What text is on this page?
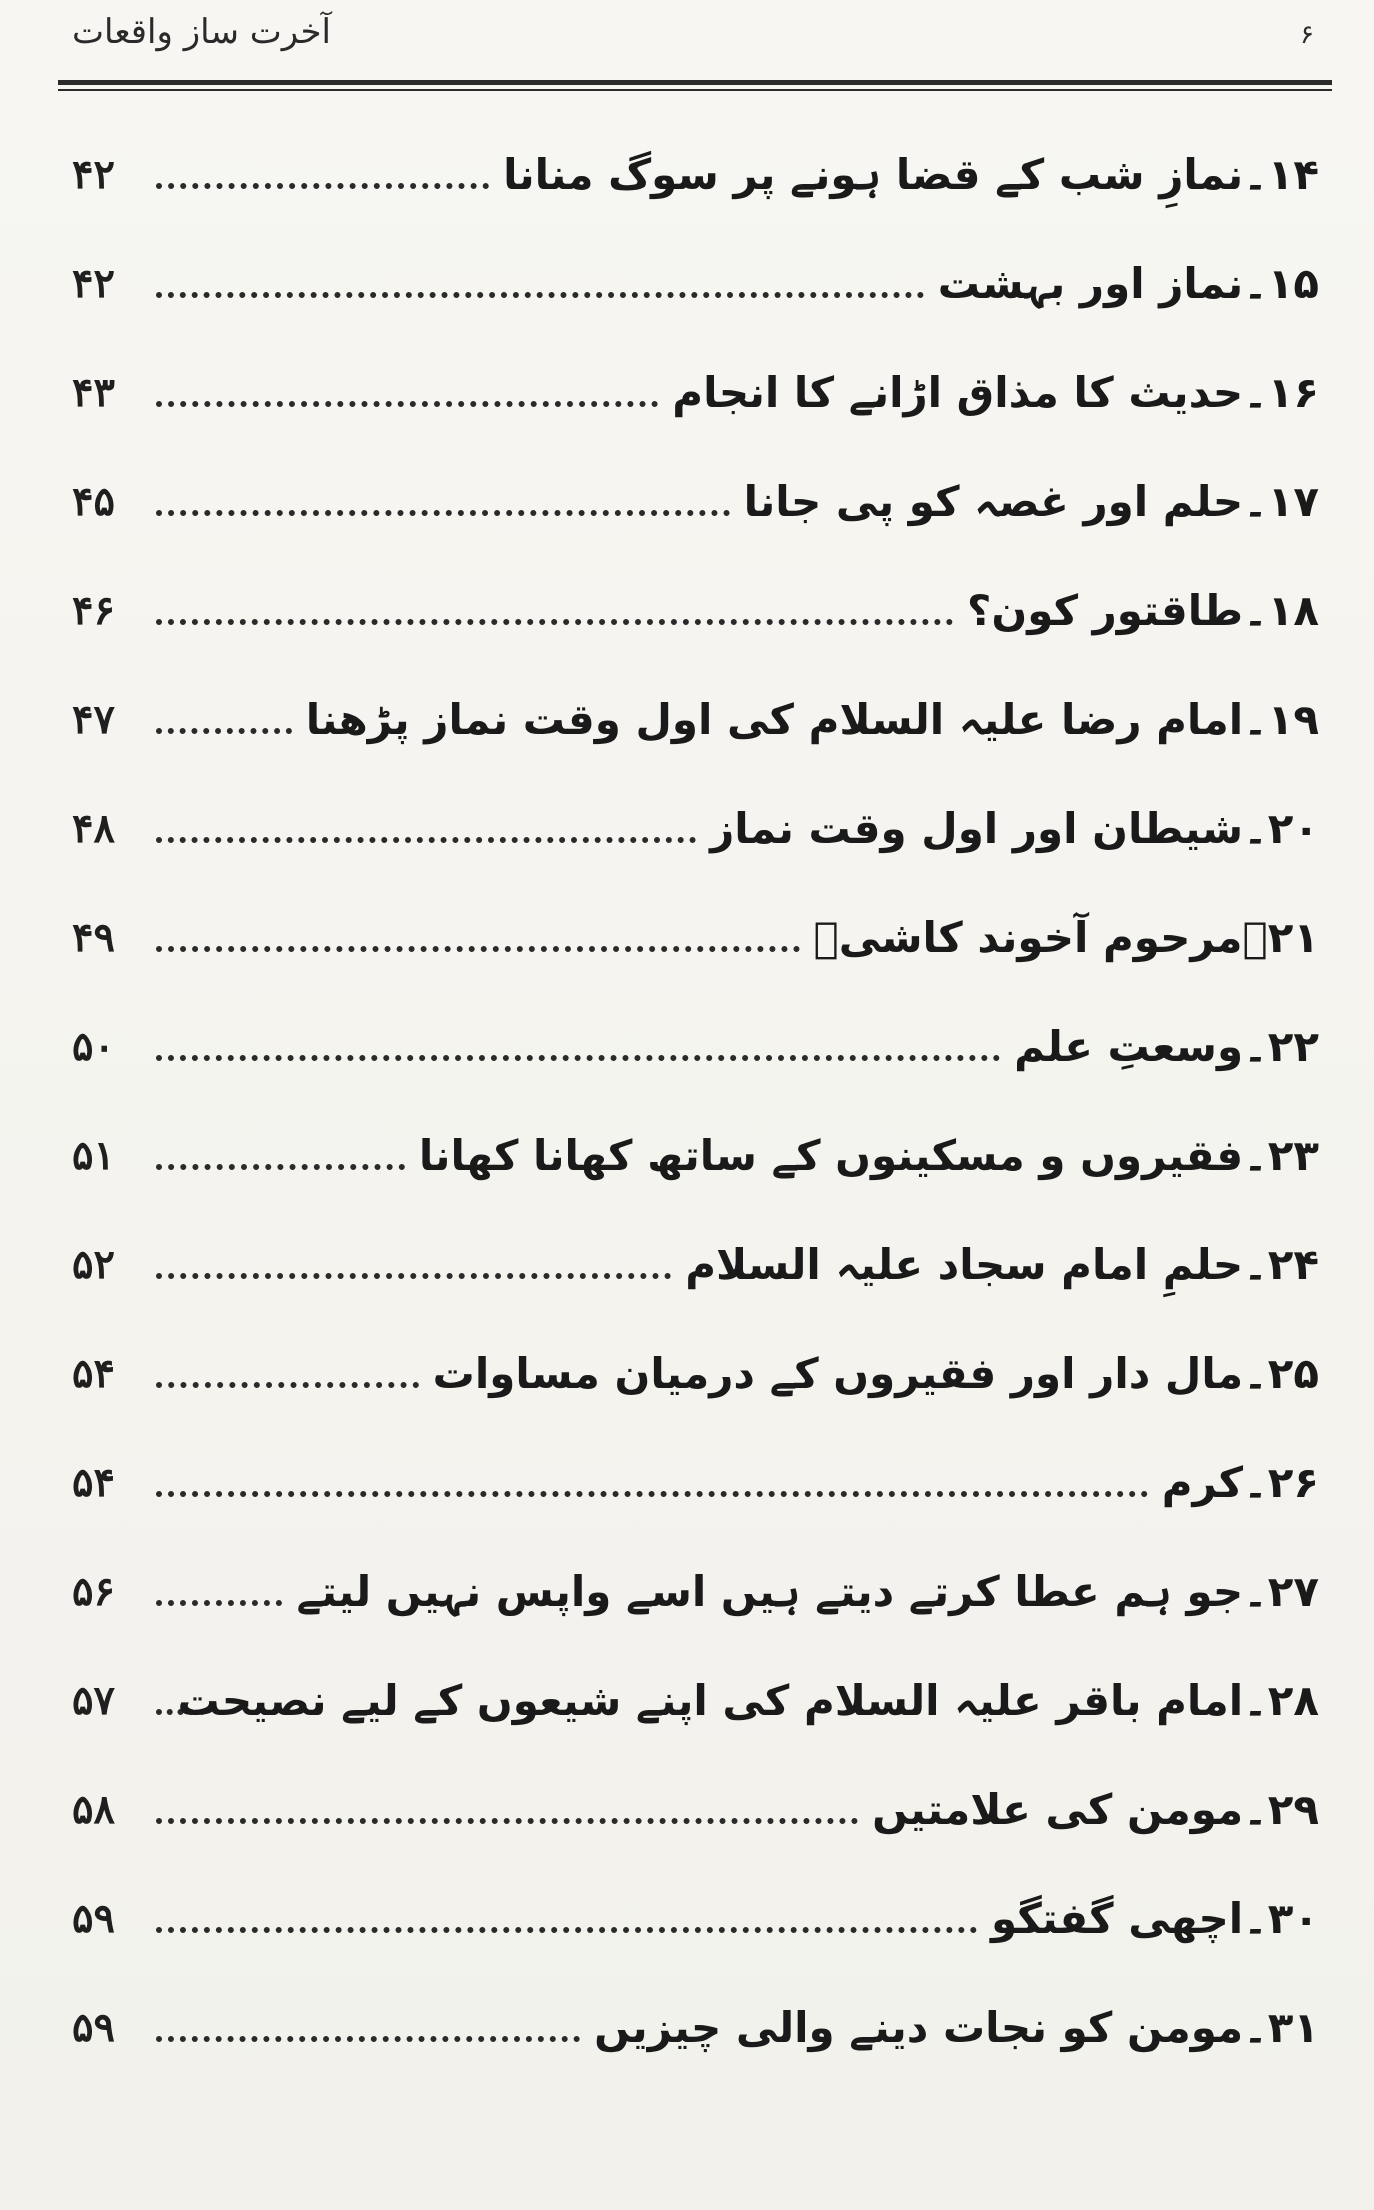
آخرت ساز واقعات	۶
۴۲	۱۴۔نمازِ شب کے قضا ہونے پر سوگ منانا
۴۲	۱۵۔نماز اور بہشت
۴۳	۱۶۔حدیث کا مذاق اڑانے کا انجام
۴۵	۱۷۔حلم اور غصہ کو پی جانا
۴۶	۱۸۔طاقتور کون؟
۴۷	۱۹۔امام رضا علیہ السلام کی اول وقت نماز پڑھنا
۴۸	۲۰۔شیطان اور اول وقت نماز
۴۹	۲۱۔مرحوم آخوند کاشیؒ
۵۰	۲۲۔وسعتِ علم
۵۱	۲۳۔فقیروں و مسکینوں کے ساتھ کھانا کھانا
۵۲	۲۴۔حلمِ امام سجاد علیہ السلام
۵۴	۲۵۔مال دار اور فقیروں کے درمیان مساوات
۵۴	۲۶۔کرم
۵۶	۲۷۔جو ہم عطا کرتے دیتے ہیں اسے واپس نہیں لیتے
۵۷	۲۸۔امام باقر علیہ السلام کی اپنے شیعوں کے لیے نصیحت
۵۸	۲۹۔مومن کی علامتیں
۵۹	۳۰۔اچھی گفتگو
۵۹	۳۱۔مومن کو نجات دینے والی چیزیں
